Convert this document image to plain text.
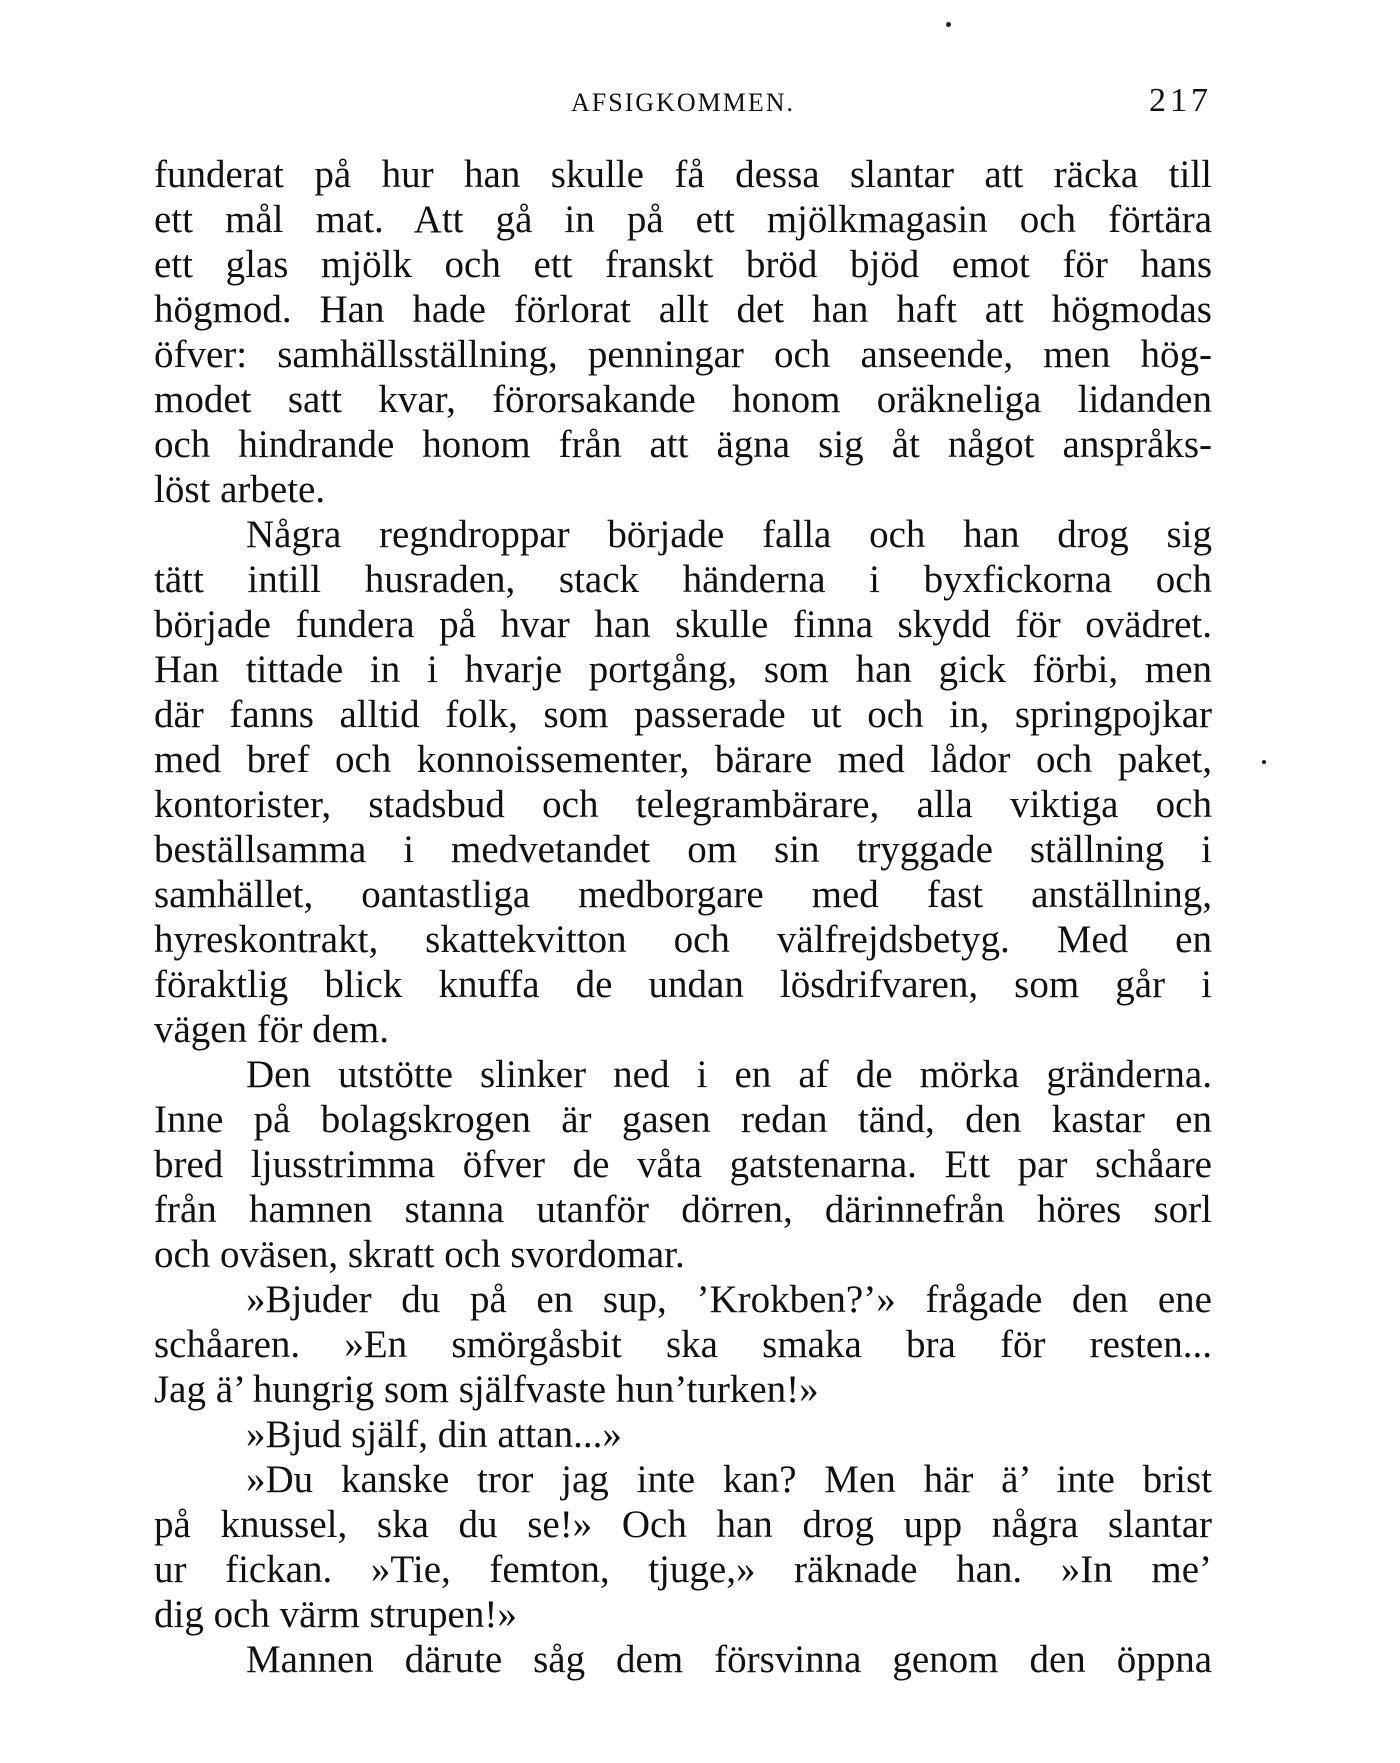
AFSIGKOMMEN.	217
funderat på hur han skulle få dessa slantar att räcka till
ett mål mat. Att gå in på ett mjölkmagasin och förtära
ett glas mjölk och ett franskt bröd bjöd emot för hans
högmod. Han hade förlorat allt det han haft att högmodas
öfver: samhällsställning, penningar och anseende, men hög-
modet satt kvar, förorsakande honom oräkneliga lidanden
och hindrande honom från att ägna sig åt något anspråks-
löst arbete.
Några regndroppar började falla och han drog sig
tätt intill husraden, stack händerna i byxfickorna och
började fundera på hvar han skulle finna skydd för ovädret.
Han tittade in i hvarje portgång, som han gick förbi, men
där fanns alltid folk, som passerade ut och in, springpojkar
med bref och konnoissementer, bärare med lådor och paket,
kontorister, stadsbud och telegrambärare, alla viktiga och
beställsamma i medvetandet om sin tryggade ställning i
samhället, oantastliga medborgare med fast anställning,
hyreskontrakt, skattekvitton och välfrejdsbetyg. Med en
föraktlig blick knuffa de undan lösdrifvaren, som går i
vägen för dem.
Den utstötte slinker ned i en af de mörka gränderna.
Inne på bolagskrogen är gasen redan tänd, den kastar en
bred ljusstrimma öfver de våta gatstenarna. Ett par schåare
från hamnen stanna utanför dörren, därinnefrån höres sorl
och oväsen, skratt och svordomar.
»Bjuder du på en sup, ’Krokben?’» frågade den ene
schåaren. »En smörgåsbit ska smaka bra för resten...
Jag ä’ hungrig som själfvaste hun’turken!»
»Bjud själf, din attan...»
»Du kanske tror jag inte kan? Men här ä’ inte brist
på knussel, ska du se!» Och han drog upp några slantar
ur fickan. »Tie, femton, tjuge,» räknade han. »In me’
dig och värm strupen!»
Mannen därute såg dem försvinna genom den öppna
